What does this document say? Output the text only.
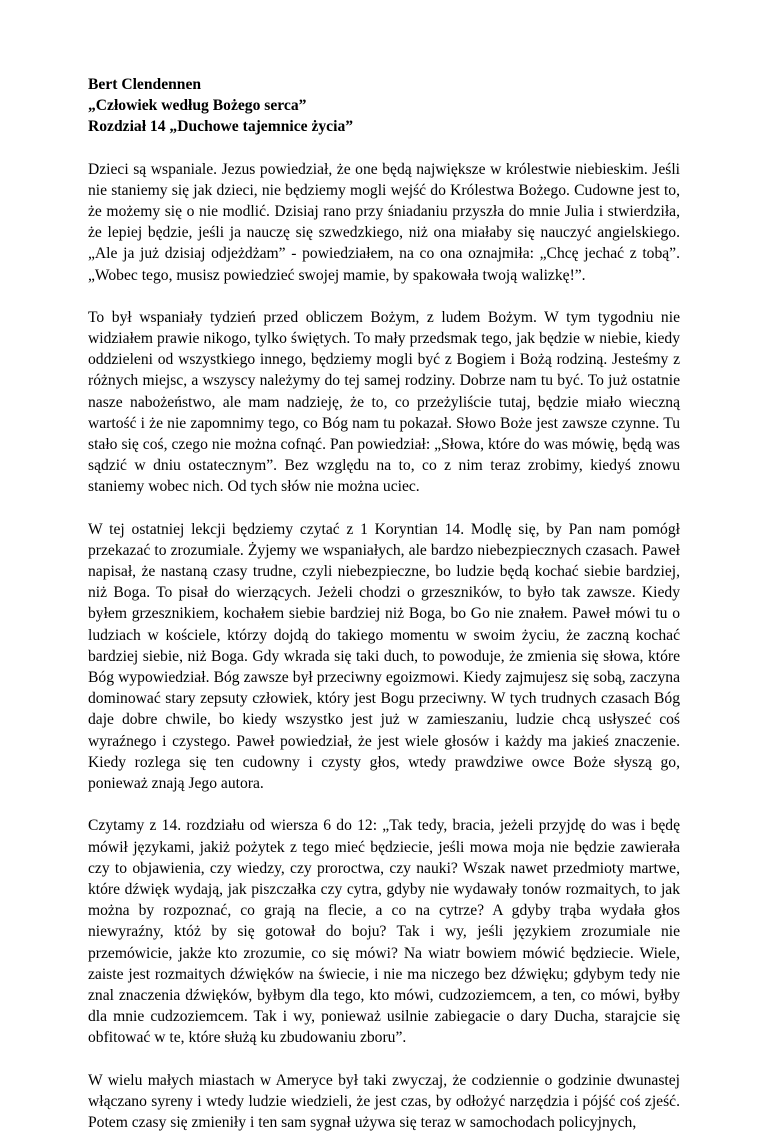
Bert Clendennen
„Człowiek według Bożego serca”
Rozdział 14 „Duchowe tajemnice życia”

Dzieci są wspaniale. Jezus powiedział, że one będą największe w królestwie niebieskim. Jeśli nie staniemy się jak dzieci, nie będziemy mogli wejść do Królestwa Bożego. Cudowne jest to, że możemy się o nie modlić. Dzisiaj rano przy śniadaniu przyszła do mnie Julia i stwierdziła, że lepiej będzie, jeśli ja nauczę się szwedzkiego, niż ona miałaby się nauczyć angielskiego. „Ale ja już dzisiaj odjeżdżam” - powiedziałem, na co ona oznajmiła: „Chcę jechać z tobą”. „Wobec tego, musisz powiedzieć swojej mamie, by spakowała twoją walizkę!”.

To był wspaniały tydzień przed obliczem Bożym, z ludem Bożym. W tym tygodniu nie widziałem prawie nikogo, tylko świętych. To mały przedsmak tego, jak będzie w niebie, kiedy oddzieleni od wszystkiego innego, będziemy mogli być z Bogiem i Bożą rodziną. Jesteśmy z różnych miejsc, a wszyscy należymy do tej samej rodziny. Dobrze nam tu być. To już ostatnie nasze nabożeństwo, ale mam nadzieję, że to, co przeżyliście tutaj, będzie miało wieczną wartość i że nie zapomnimy tego, co Bóg nam tu pokazał. Słowo Boże jest zawsze czynne. Tu stało się coś, czego nie można cofnąć. Pan powiedział: „Słowa, które do was mówię, będą was sądzić w dniu ostatecznym”. Bez względu na to, co z nim teraz zrobimy, kiedyś znowu staniemy wobec nich. Od tych słów nie można uciec.

W tej ostatniej lekcji będziemy czytać z 1 Koryntian 14. Modlę się, by Pan nam pomógł przekazać to zrozumiale. Żyjemy we wspaniałych, ale bardzo niebezpiecznych czasach. Paweł napisał, że nastaną czasy trudne, czyli niebezpieczne, bo ludzie będą kochać siebie bardziej, niż Boga. To pisał do wierzących. Jeżeli chodzi o grzeszników, to było tak zawsze. Kiedy byłem grzesznikiem, kochałem siebie bardziej niż Boga, bo Go nie znałem. Paweł mówi tu o ludziach w kościele, którzy dojdą do takiego momentu w swoim życiu, że zaczną kochać bardziej siebie, niż Boga. Gdy wkrada się taki duch, to powoduje, że zmienia się słowa, które Bóg wypowiedział. Bóg zawsze był przeciwny egoizmowi. Kiedy zajmujesz się sobą, zaczyna dominować stary zepsuty człowiek, który jest Bogu przeciwny. W tych trudnych czasach Bóg daje dobre chwile, bo kiedy wszystko jest już w zamieszaniu, ludzie chcą usłyszeć coś wyraźnego i czystego. Paweł powiedział, że jest wiele głosów i każdy ma jakieś znaczenie. Kiedy rozlega się ten cudowny i czysty głos, wtedy prawdziwe owce Boże słyszą go, ponieważ znają Jego autora.

Czytamy z 14. rozdziału od wiersza 6 do 12: „Tak tedy, bracia, jeżeli przyjdę do was i będę mówił językami, jakiż pożytek z tego mieć będziecie, jeśli mowa moja nie będzie zawierała czy to objawienia, czy wiedzy, czy proroctwa, czy nauki? Wszak nawet przedmioty martwe, które dźwięk wydają, jak piszczałka czy cytra, gdyby nie wydawały tonów rozmaitych, to jak można by rozpoznać, co grają na flecie, a co na cytrze? A gdyby trąba wydała głos niewyraźny, któż by się gotował do boju? Tak i wy, jeśli językiem zrozumiale nie przemówicie, jakże kto zrozumie, co się mówi? Na wiatr bowiem mówić będziecie. Wiele, zaiste jest rozmaitych dźwięków na świecie, i nie ma niczego bez dźwięku; gdybym tedy nie znal znaczenia dźwięków, byłbym dla tego, kto mówi, cudzoziemcem, a ten, co mówi, byłby dla mnie cudzoziemcem. Tak i wy, ponieważ usilnie zabiegacie o dary Ducha, starajcie się obfitować w te, które służą ku zbudowaniu zboru”.

W wielu małych miastach w Ameryce był taki zwyczaj, że codziennie o godzinie dwunastej włączano syreny i wtedy ludzie wiedzieli, że jest czas, by odłożyć narzędzia i pójść coś zjeść. Potem czasy się zmieniły i ten sam sygnał używa się teraz w samochodach policyjnych,
